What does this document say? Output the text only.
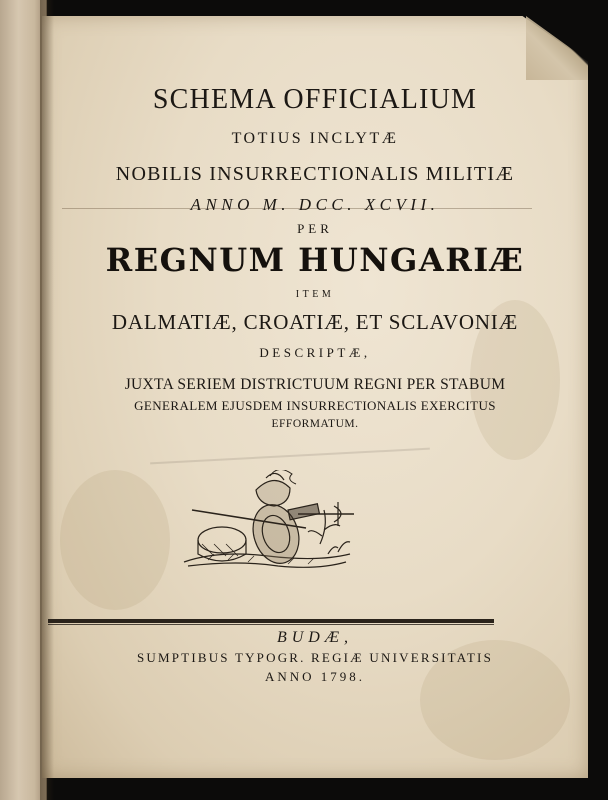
SCHEMA OFFICIALIUM
TOTIUS INCLYTÆ
NOBILIS INSURRECTIONALIS MILITIÆ
ANNO M. DCC. XCVII.
PER
REGNUM HUNGARIÆ
ITEM
DALMATIÆ, CROATIÆ, ET SCLAVONIÆ
DESCRIPTÆ,
JUXTA SERIEM DISTRICTUUM REGNI PER STABUM
GENERALEM EJUSDEM INSURRECTIONALIS EXERCITUS
EFFORMATUM.
BUDÆ,
SUMPTIBUS TYPOGR. REGIÆ UNIVERSITATIS
ANNO 1798.
